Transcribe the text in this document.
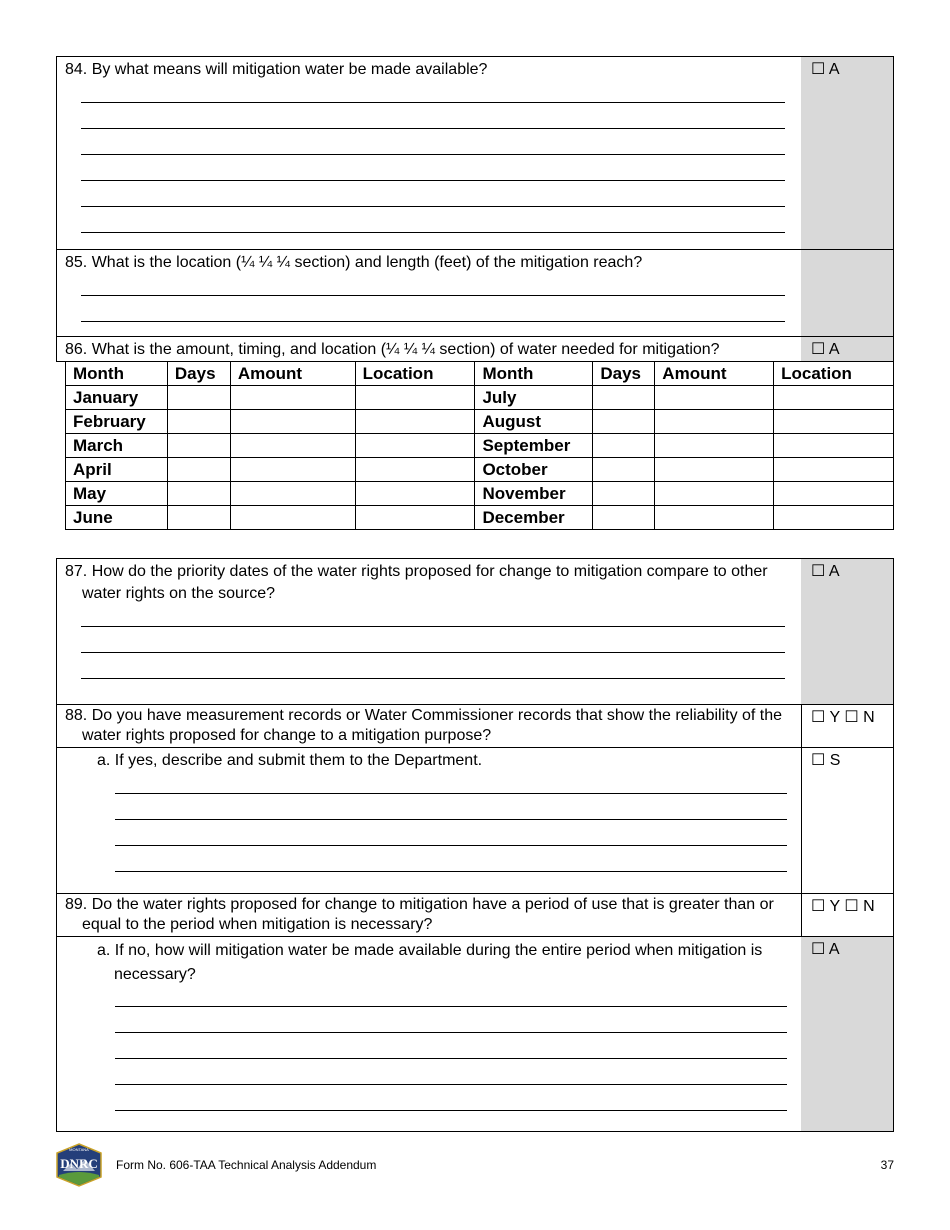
84. By what means will mitigation water be made available?	☐ A
85. What is the location (¼ ¼ ¼ section) and length (feet) of the mitigation reach?
86. What is the amount, timing, and location (¼ ¼ ¼ section) of water needed for mitigation?	☐ A
Month	Days	Amount	Location	Month	Days	Amount	Location
January				July			
February				August			
March				September			
April				October			
May				November			
June				December			
87. How do the priority dates of the water rights proposed for change to mitigation compare to other water rights on the source?
☐ A
88. Do you have measurement records or Water Commissioner records that show the reliability of the water rights proposed for change to a mitigation purpose?
☐ Y ☐ N
a. If yes, describe and submit them to the Department.	☐ S
89. Do the water rights proposed for change to mitigation have a period of use that is greater than or equal to the period when mitigation is necessary?
☐ Y ☐ N
a. If no, how will mitigation water be made available during the entire period when mitigation is necessary?
☐ A
MONTANA
DNRC Form No. 606-TAA Technical Analysis Addendum	37
